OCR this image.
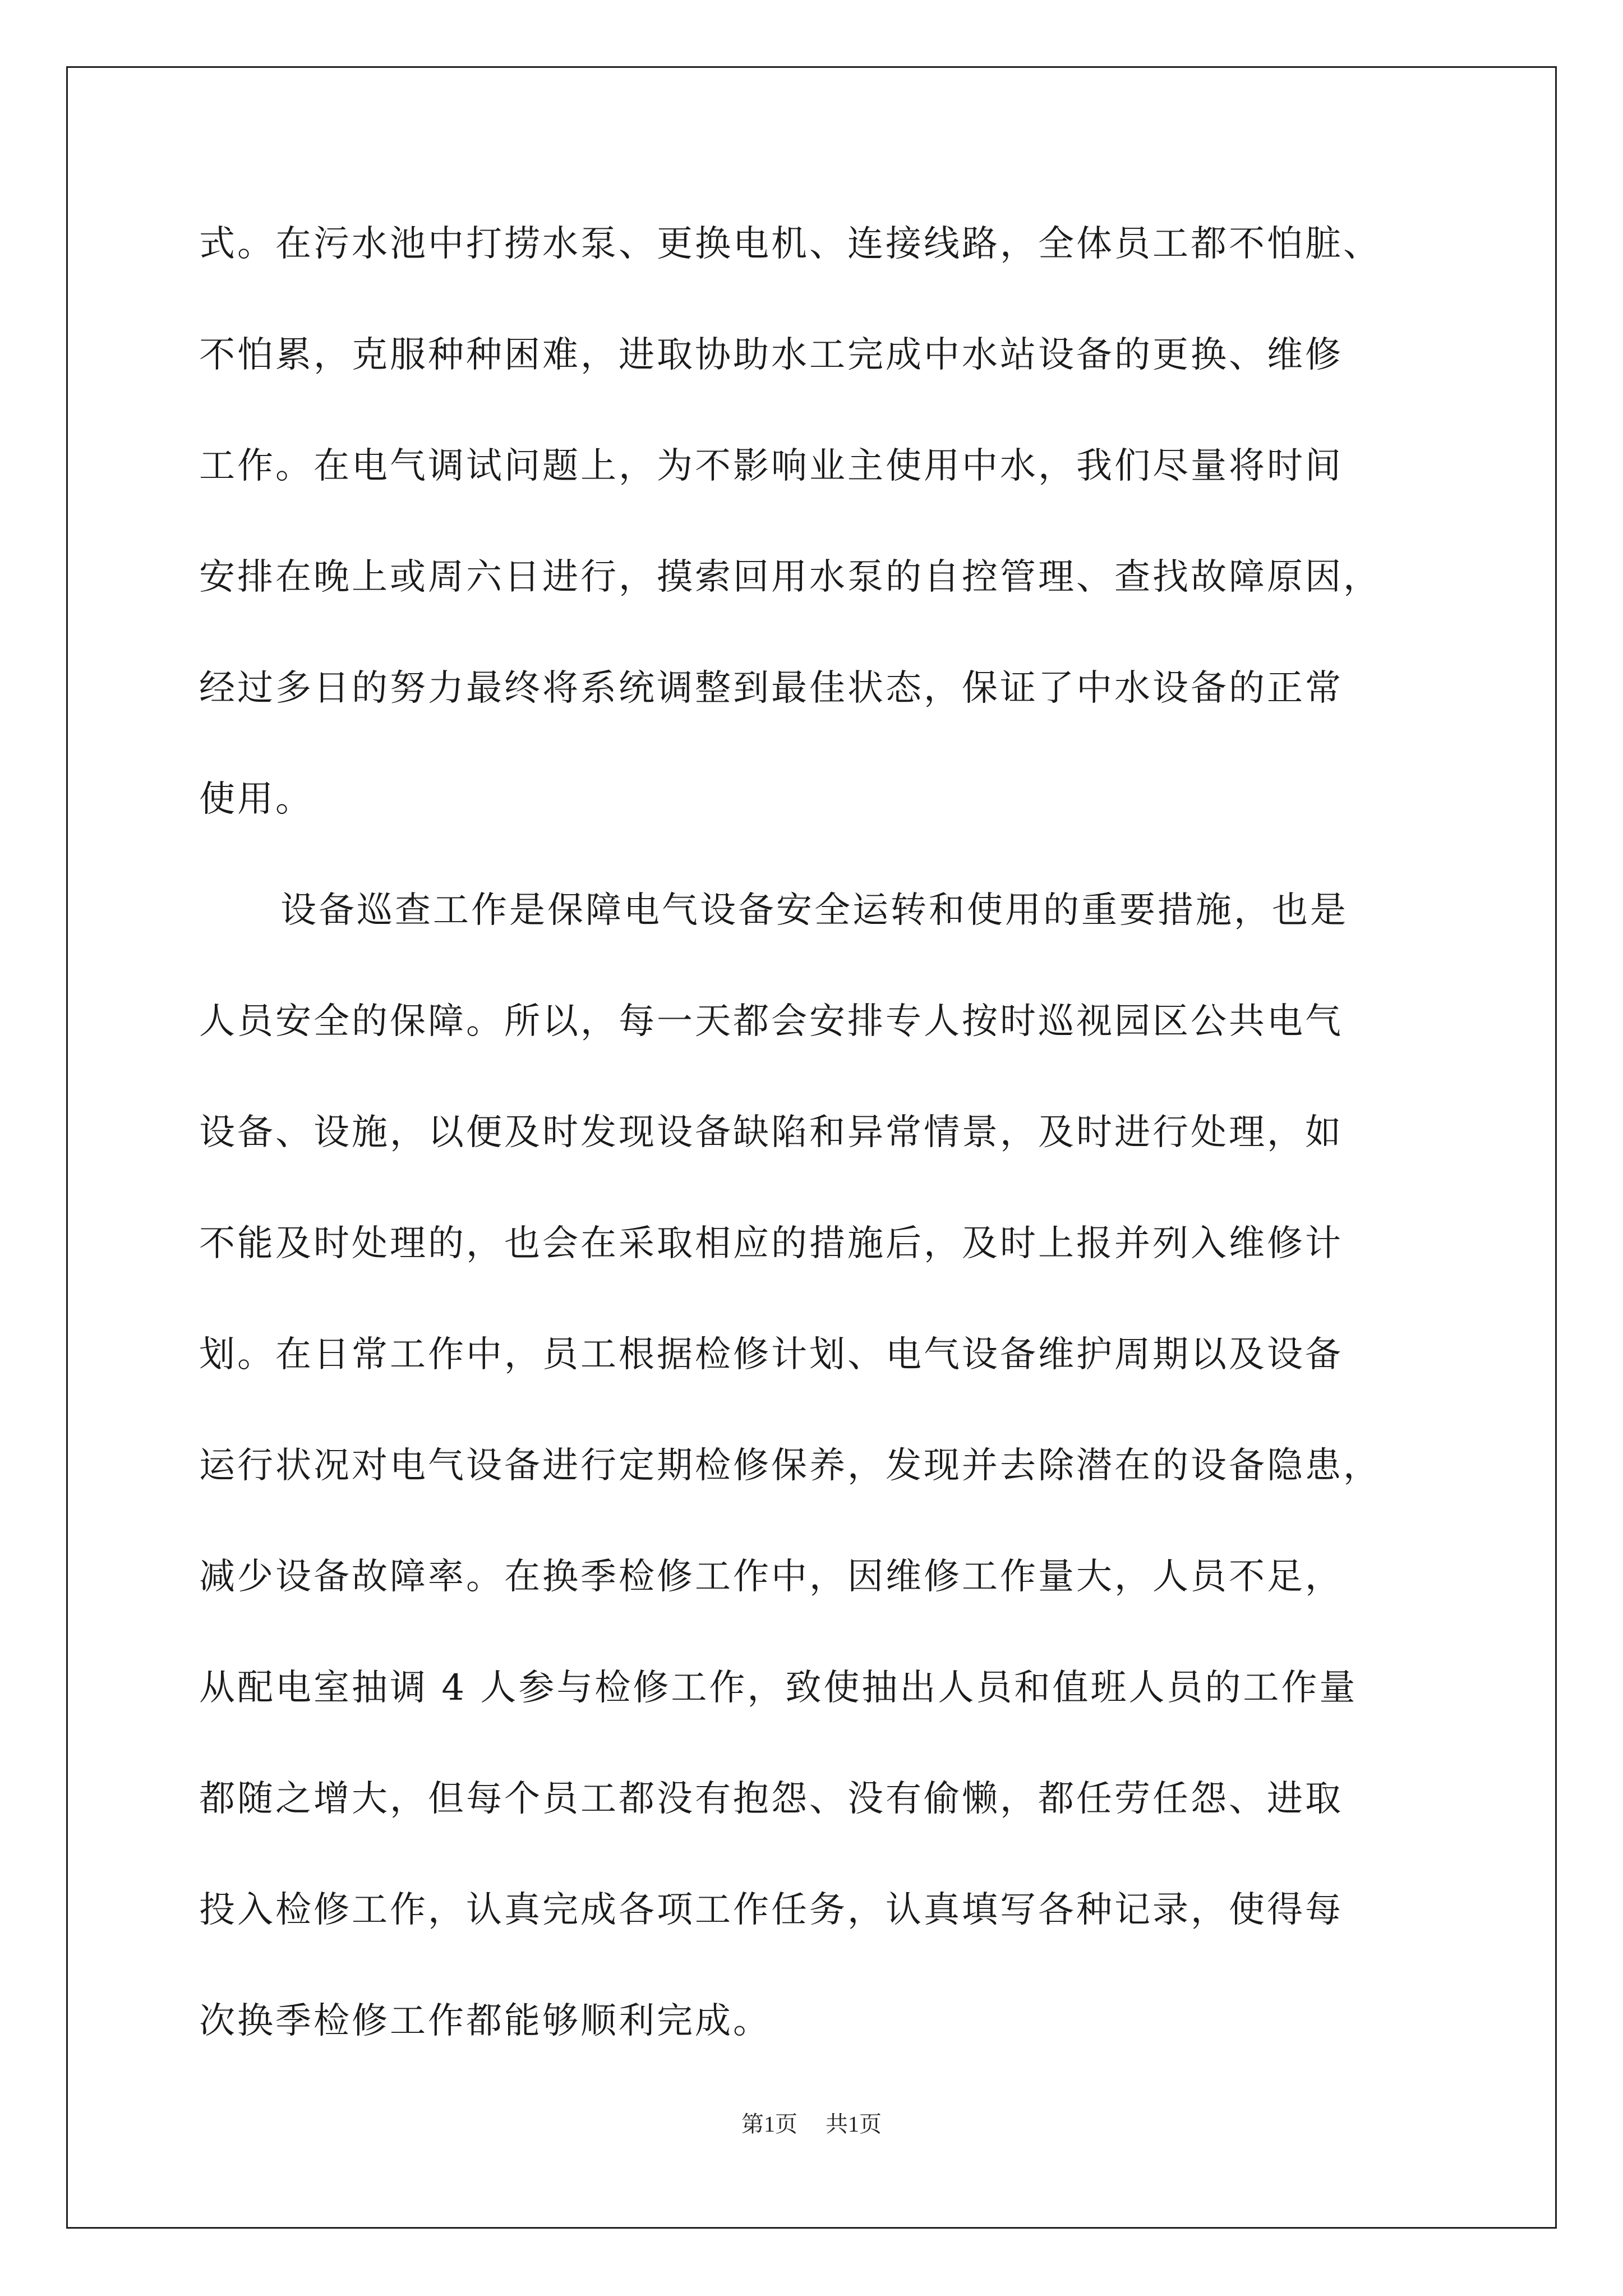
式。在污水池中打捞水泵、更换电机、连接线路，全体员工都不怕脏、
不怕累，克服种种困难，进取协助水工完成中水站设备的更换、维修
工作。在电气调试问题上，为不影响业主使用中水，我们尽量将时间
安排在晚上或周六日进行，摸索回用水泵的自控管理、查找故障原因，
经过多日的努力最终将系统调整到最佳状态，保证了中水设备的正常
使用。
设备巡查工作是保障电气设备安全运转和使用的重要措施，也是
人员安全的保障。所以，每一天都会安排专人按时巡视园区公共电气
设备、设施，以便及时发现设备缺陷和异常情景，及时进行处理，如
不能及时处理的，也会在采取相应的措施后，及时上报并列入维修计
划。在日常工作中，员工根据检修计划、电气设备维护周期以及设备
运行状况对电气设备进行定期检修保养，发现并去除潜在的设备隐患，
减少设备故障率。在换季检修工作中，因维修工作量大，人员不足，
从配电室抽调 4 人参与检修工作，致使抽出人员和值班人员的工作量
都随之增大，但每个员工都没有抱怨、没有偷懒，都任劳任怨、进取
投入检修工作，认真完成各项工作任务，认真填写各种记录，使得每
次换季检修工作都能够顺利完成。
第1页 共1页
